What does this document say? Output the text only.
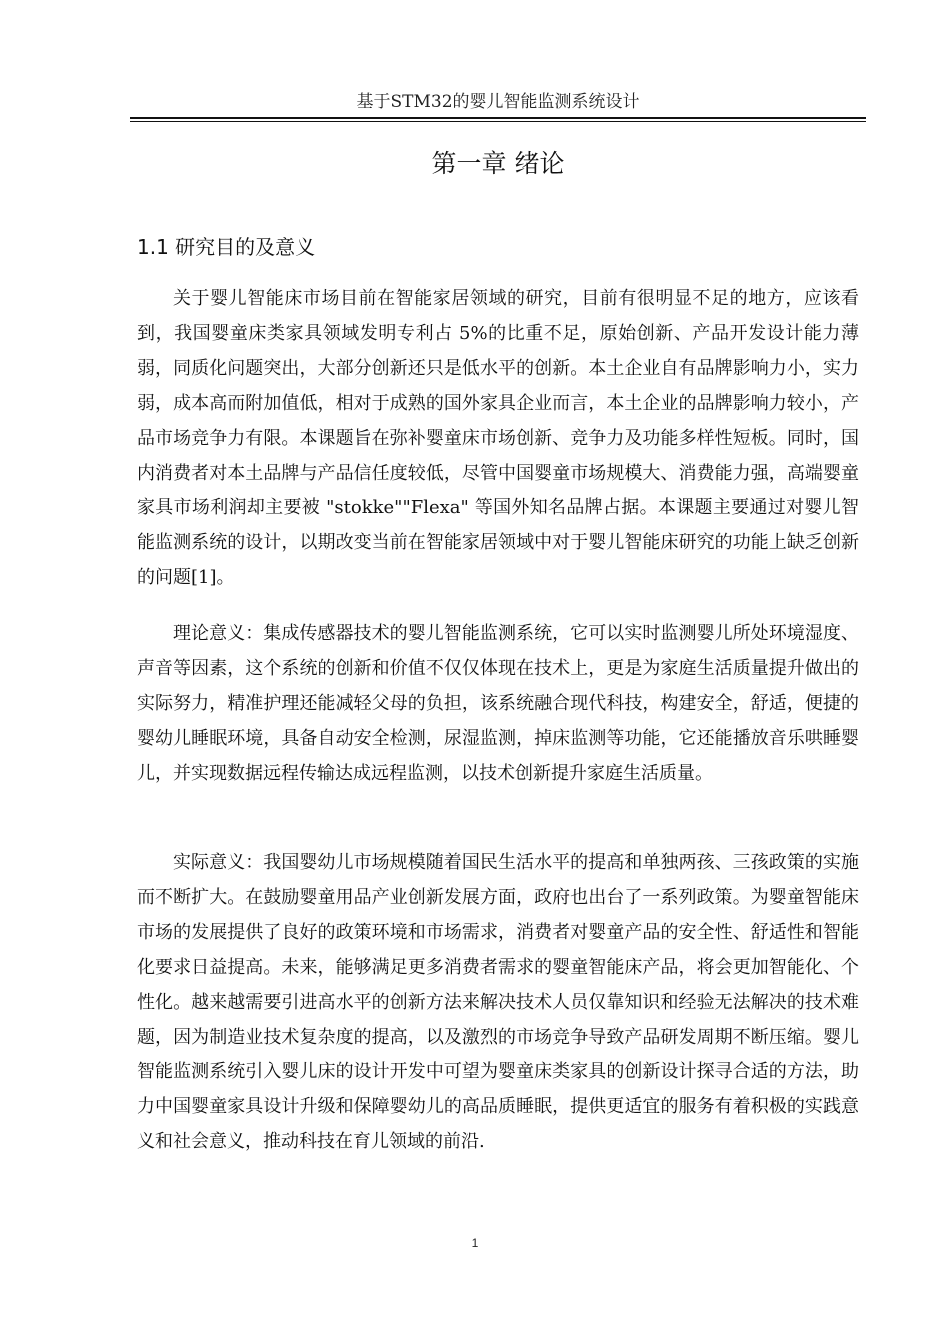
基于STM32的婴儿智能监测系统设计
第一章 绪论
1.1 研究目的及意义

关于婴儿智能床市场目前在智能家居领域的研究，目前有很明显不足的地方，应该看到，我国婴童床类家具领域发明专利占 5%的比重不足，原始创新、产品开发设计能力薄弱，同质化问题突出，大部分创新还只是低水平的创新。本土企业自有品牌影响力小，实力弱，成本高而附加值低，相对于成熟的国外家具企业而言，本土企业的品牌影响力较小，产品市场竞争力有限。本课题旨在弥补婴童床市场创新、竞争力及功能多样性短板。同时，国内消费者对本土品牌与产品信任度较低，尽管中国婴童市场规模大、消费能力强，高端婴童家具市场利润却主要被 "stokke""Flexa" 等国外知名品牌占据。本课题主要通过对婴儿智能监测系统的设计，以期改变当前在智能家居领域中对于婴儿智能床研究的功能上缺乏创新的问题[1]。

理论意义：集成传感器技术的婴儿智能监测系统，它可以实时监测婴儿所处环境湿度、声音等因素，这个系统的创新和价值不仅仅体现在技术上，更是为家庭生活质量提升做出的实际努力，精准护理还能减轻父母的负担，该系统融合现代科技，构建安全，舒适，便捷的婴幼儿睡眠环境，具备自动安全检测，尿湿监测，掉床监测等功能，它还能播放音乐哄睡婴儿，并实现数据远程传输达成远程监测，以技术创新提升家庭生活质量。

实际意义：我国婴幼儿市场规模随着国民生活水平的提高和单独两孩、三孩政策的实施而不断扩大。在鼓励婴童用品产业创新发展方面，政府也出台了一系列政策。为婴童智能床市场的发展提供了良好的政策环境和市场需求，消费者对婴童产品的安全性、舒适性和智能化要求日益提高。未来，能够满足更多消费者需求的婴童智能床产品，将会更加智能化、个性化。越来越需要引进高水平的创新方法来解决技术人员仅靠知识和经验无法解决的技术难题，因为制造业技术复杂度的提高，以及激烈的市场竞争导致产品研发周期不断压缩。婴儿智能监测系统引入婴儿床的设计开发中可望为婴童床类家具的创新设计探寻合适的方法，助力中国婴童家具设计升级和保障婴幼儿的高品质睡眠，提供更适宜的服务有着积极的实践意义和社会意义，推动科技在育儿领域的前沿.

1
